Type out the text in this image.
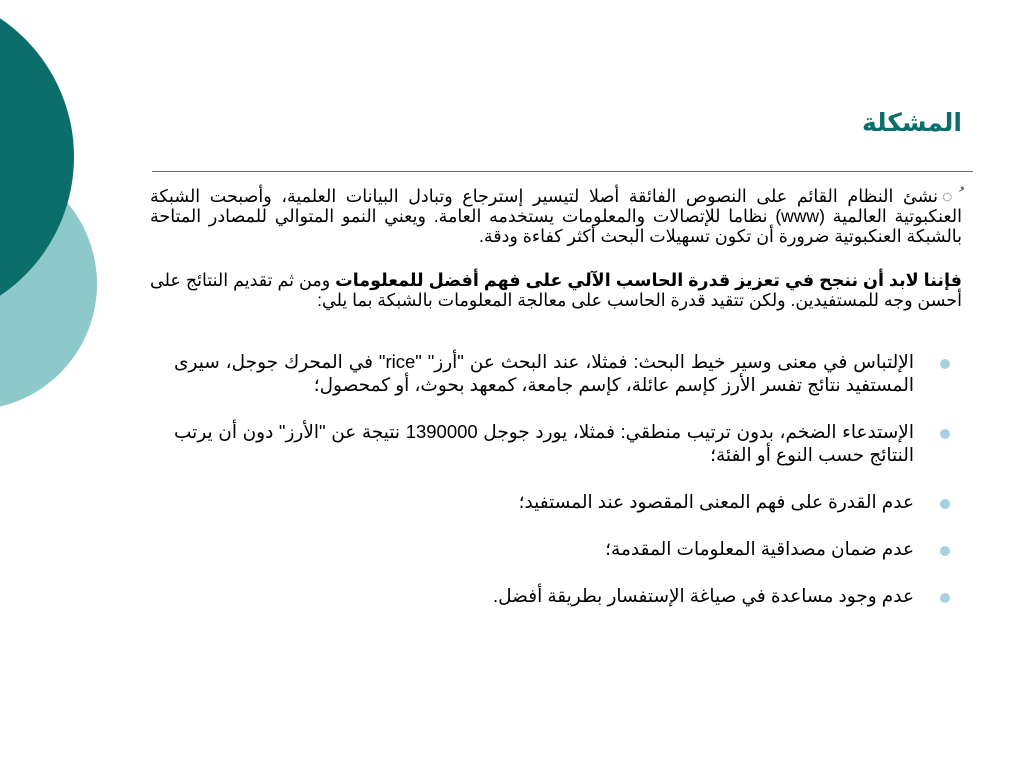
المشكلة

ُ◌نشئ النظام القائم على النصوص الفائقة أصلا لتيسير إسترجاع وتبادل البيانات العلمية، وأصبحت الشبكة العنكبوتية العالمية (www) نظاما للإتصالات والمعلومات يستخدمه العامة. ويعني النمو المتوالي للمصادر المتاحة بالشبكة العنكبوتية ضرورة أن تكون تسهيلات البحث أكثر كفاءة ودقة.

فإننا لابد أن ننجح في تعزيز قدرة الحاسب الآلي على فهم أفضل للمعلومات ومن ثم تقديم النتائج على أحسن وجه للمستفيدين. ولكن تتقيد قدرة الحاسب على معالجة المعلومات بالشبكة بما يلي:

الإلتباس في معنى وسير خيط البحث: فمثلا، عند البحث عن "أرز" "rice" في المحرك جوجل، سيرى المستفيد نتائج تفسر الأرز كإسم عائلة، كإسم جامعة، كمعهد بحوث، أو كمحصول؛
الإستدعاء الضخم، بدون ترتيب منطقي: فمثلا، يورد جوجل 1390000 نتيجة عن "الأرز" دون أن يرتب النتائج حسب النوع أو الفئة؛
عدم القدرة على فهم المعنى المقصود عند المستفيد؛
عدم ضمان مصداقية المعلومات المقدمة؛
عدم وجود مساعدة في صياغة الإستفسار بطريقة أفضل.
